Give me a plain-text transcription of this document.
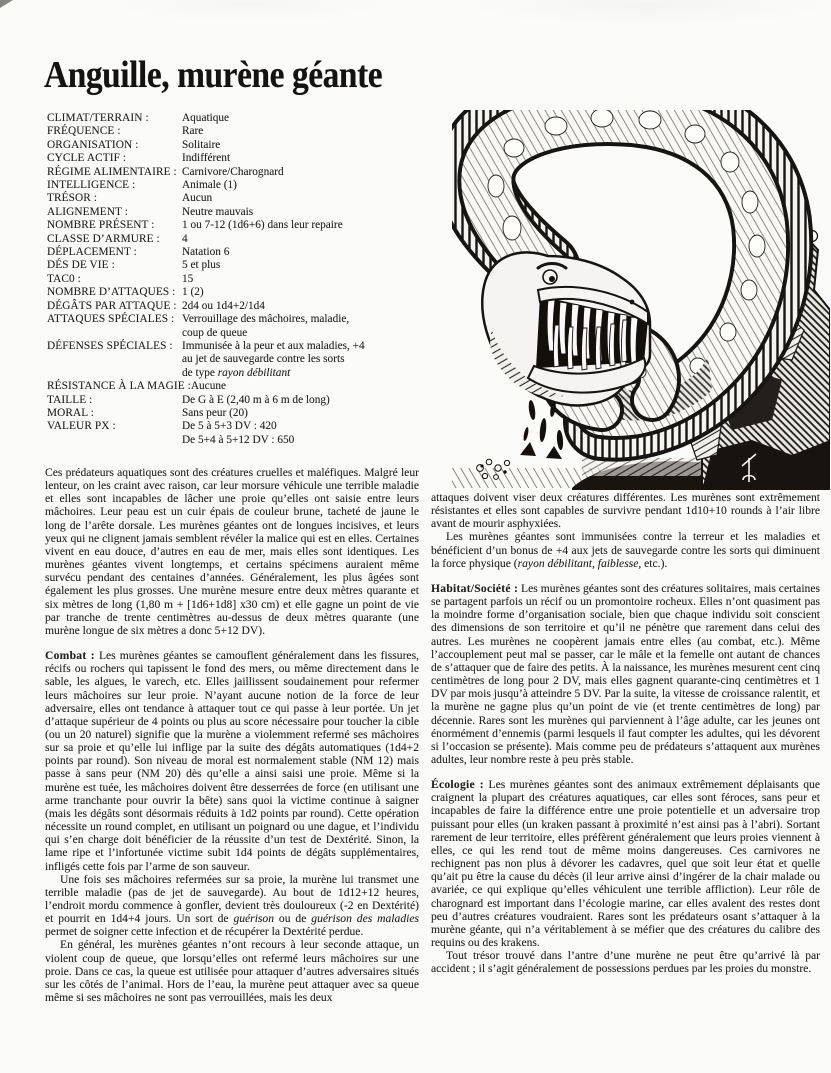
Anguille, murène géante
CLIMAT/TERRAIN :	Aquatique
FRÉQUENCE :	Rare
ORGANISATION :	Solitaire
CYCLE ACTIF :	Indifférent
RÉGIME ALIMENTAIRE : Carnivore/Charognard
INTELLIGENCE :	Animale (1)
TRÉSOR :	Aucun
ALIGNEMENT :	Neutre mauvais
NOMBRE PRÉSENT :	1 ou 7-12 (1d6+6) dans leur repaire
CLASSE D’ARMURE :	4
DÉPLACEMENT :	Natation 6
DÉS DE VIE :	5 et plus
TAC0 :	15
NOMBRE D’ATTAQUES : 1 (2)
DÉGÂTS PAR ATTAQUE : 2d4 ou 1d4+2/1d4
ATTAQUES SPÉCIALES : Verrouillage des mâchoires, maladie,
coup de queue
DÉFENSES SPÉCIALES : Immunisée à la peur et aux maladies, +4
au jet de sauvegarde contre les sorts
de type rayon débilitant
RÉSISTANCE À LA MAGIE : Aucune
TAILLE :	De G à E (2,40 m à 6 m de long)
MORAL :	Sans peur (20)
VALEUR PX :	De 5 à 5+3 DV : 420
De 5+4 à 5+12 DV : 650

Ces prédateurs aquatiques sont des créatures cruelles et maléfiques. Malgré leur lenteur, on les craint avec raison, car leur morsure véhicule une terrible maladie et elles sont incapables de lâcher une proie qu’elles ont saisie entre leurs mâchoires. Leur peau est un cuir épais de couleur brune, tacheté de jaune le long de l’arête dorsale. Les murènes géantes ont de longues incisives, et leurs yeux qui ne clignent jamais semblent révéler la malice qui est en elles. Certaines vivent en eau douce, d’autres en eau de mer, mais elles sont identiques. Les murènes géantes vivent longtemps, et certains spécimens auraient même survécu pendant des centaines d’années. Généralement, les plus âgées sont également les plus grosses. Une murène mesure entre deux mètres quarante et six mètres de long (1,80 m + [1d6+1d8] x30 cm) et elle gagne un point de vie par tranche de trente centimètres au-dessus de deux mètres quarante (une murène longue de six mètres a donc 5+12 DV).

Combat : Les murènes géantes se camouflent généralement dans les fissures, récifs ou rochers qui tapissent le fond des mers, ou même directement dans le sable, les algues, le varech, etc. Elles jaillissent soudainement pour refermer leurs mâchoires sur leur proie. N’ayant aucune notion de la force de leur adversaire, elles ont tendance à attaquer tout ce qui passe à leur portée. Un jet d’attaque supérieur de 4 points ou plus au score nécessaire pour toucher la cible (ou un 20 naturel) signifie que la murène a violemment refermé ses mâchoires sur sa proie et qu’elle lui inflige par la suite des dégâts automatiques (1d4+2 points par round). Son niveau de moral est normalement stable (NM 12) mais passe à sans peur (NM 20) dès qu’elle a ainsi saisi une proie. Même si la murène est tuée, les mâchoires doivent être desserrées de force (en utilisant une arme tranchante pour ouvrir la bête) sans quoi la victime continue à saigner (mais les dégâts sont désormais réduits à 1d2 points par round). Cette opération nécessite un round complet, en utilisant un poignard ou une dague, et l’individu qui s’en charge doit bénéficier de la réussite d’un test de Dextérité. Sinon, la lame ripe et l’infortunée victime subit 1d4 points de dégâts supplémentaires, infligés cette fois par l’arme de son sauveur.

Une fois ses mâchoires refermées sur sa proie, la murène lui transmet une terrible maladie (pas de jet de sauvegarde). Au bout de 1d12+12 heures, l’endroit mordu commence à gonfler, devient très douloureux (-2 en Dextérité) et pourrit en 1d4+4 jours. Un sort de guérison ou de guérison des maladies permet de soigner cette infection et de récupérer la Dextérité perdue.

En général, les murènes géantes n’ont recours à leur seconde attaque, un violent coup de queue, que lorsqu’elles ont refermé leurs mâchoires sur une proie. Dans ce cas, la queue est utilisée pour attaquer d’autres adversaires situés sur les côtés de l’animal. Hors de l’eau, la murène peut attaquer avec sa queue même si ses mâchoires ne sont pas verrouillées, mais les deux

attaques doivent viser deux créatures différentes. Les murènes sont extrêmement résistantes et elles sont capables de survivre pendant 1d10+10 rounds à l’air libre avant de mourir asphyxiées.

Les murènes géantes sont immunisées contre la terreur et les maladies et bénéficient d’un bonus de +4 aux jets de sauvegarde contre les sorts qui diminuent la force physique (rayon débilitant, faiblesse, etc.).

Habitat/Société : Les murènes géantes sont des créatures solitaires, mais certaines se partagent parfois un récif ou un promontoire rocheux. Elles n’ont quasiment pas la moindre forme d’organisation sociale, bien que chaque individu soit conscient des dimensions de son territoire et qu’il ne pénètre que rarement dans celui des autres. Les murènes ne coopèrent jamais entre elles (au combat, etc.). Même l’accouplement peut mal se passer, car le mâle et la femelle ont autant de chances de s’attaquer que de faire des petits. À la naissance, les murènes mesurent cent cinq centimètres de long pour 2 DV, mais elles gagnent quarante-cinq centimètres et 1 DV par mois jusqu’à atteindre 5 DV. Par la suite, la vitesse de croissance ralentit, et la murène ne gagne plus qu’un point de vie (et trente centimètres de long) par décennie. Rares sont les murènes qui parviennent à l’âge adulte, car les jeunes ont énormément d’ennemis (parmi lesquels il faut compter les adultes, qui les dévorent si l’occasion se présente). Mais comme peu de prédateurs s’attaquent aux murènes adultes, leur nombre reste à peu près stable.

Écologie : Les murènes géantes sont des animaux extrêmement déplaisants que craignent la plupart des créatures aquatiques, car elles sont féroces, sans peur et incapables de faire la différence entre une proie potentielle et un adversaire trop puissant pour elles (un kraken passant à proximité n’est ainsi pas à l’abri). Sortant rarement de leur territoire, elles préfèrent généralement que leurs proies viennent à elles, ce qui les rend tout de même moins dangereuses. Ces carnivores ne rechignent pas non plus à dévorer les cadavres, quel que soit leur état et quelle qu’ait pu être la cause du décès (il leur arrive ainsi d’ingérer de la chair malade ou avariée, ce qui explique qu’elles véhiculent une terrible affliction). Leur rôle de charognard est important dans l’écologie marine, car elles avalent des restes dont peu d’autres créatures voudraient. Rares sont les prédateurs osant s’attaquer à la murène géante, qui n’a véritablement à se méfier que des créatures du calibre des requins ou des krakens.

Tout trésor trouvé dans l’antre d’une murène ne peut être qu’arrivé là par accident ; il s’agit généralement de possessions perdues par les proies du monstre.
